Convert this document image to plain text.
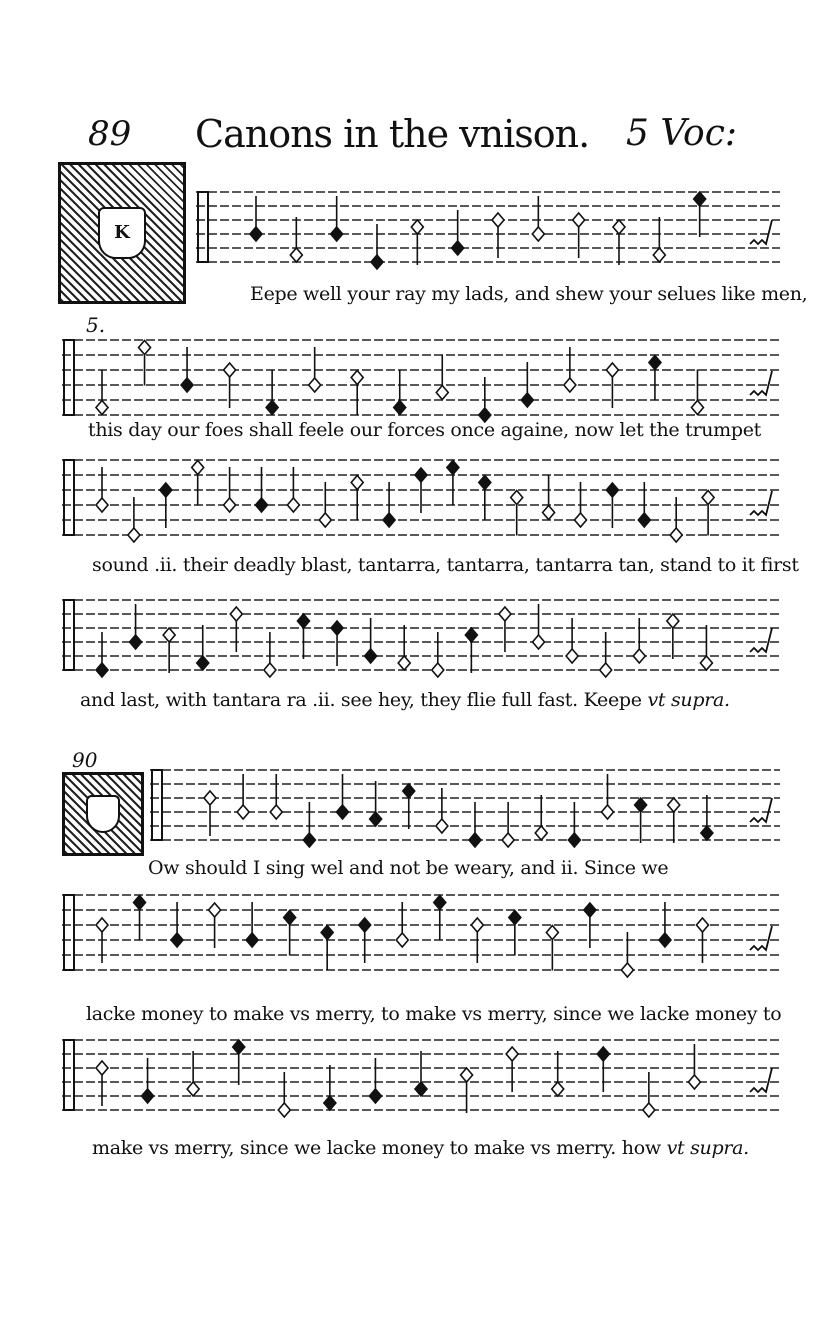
89 Canons in the vnison. 5 Voc:
K
5.
90
Eepe well your ray my lads, and shew your selues like men,
this day our foes shall feele our forces once againe, now let the trumpet
sound .ii. their deadly blast, tantarra, tantarra, tantarra tan, stand to it first
and last, with tantara ra .ii. see hey, they flie full fast. Keepe vt supra.
Ow should I sing wel and not be weary, and ii. Since we
lacke money to make vs merry, to make vs merry, since we lacke money to
make vs merry, since we lacke money to make vs merry. how vt supra.
